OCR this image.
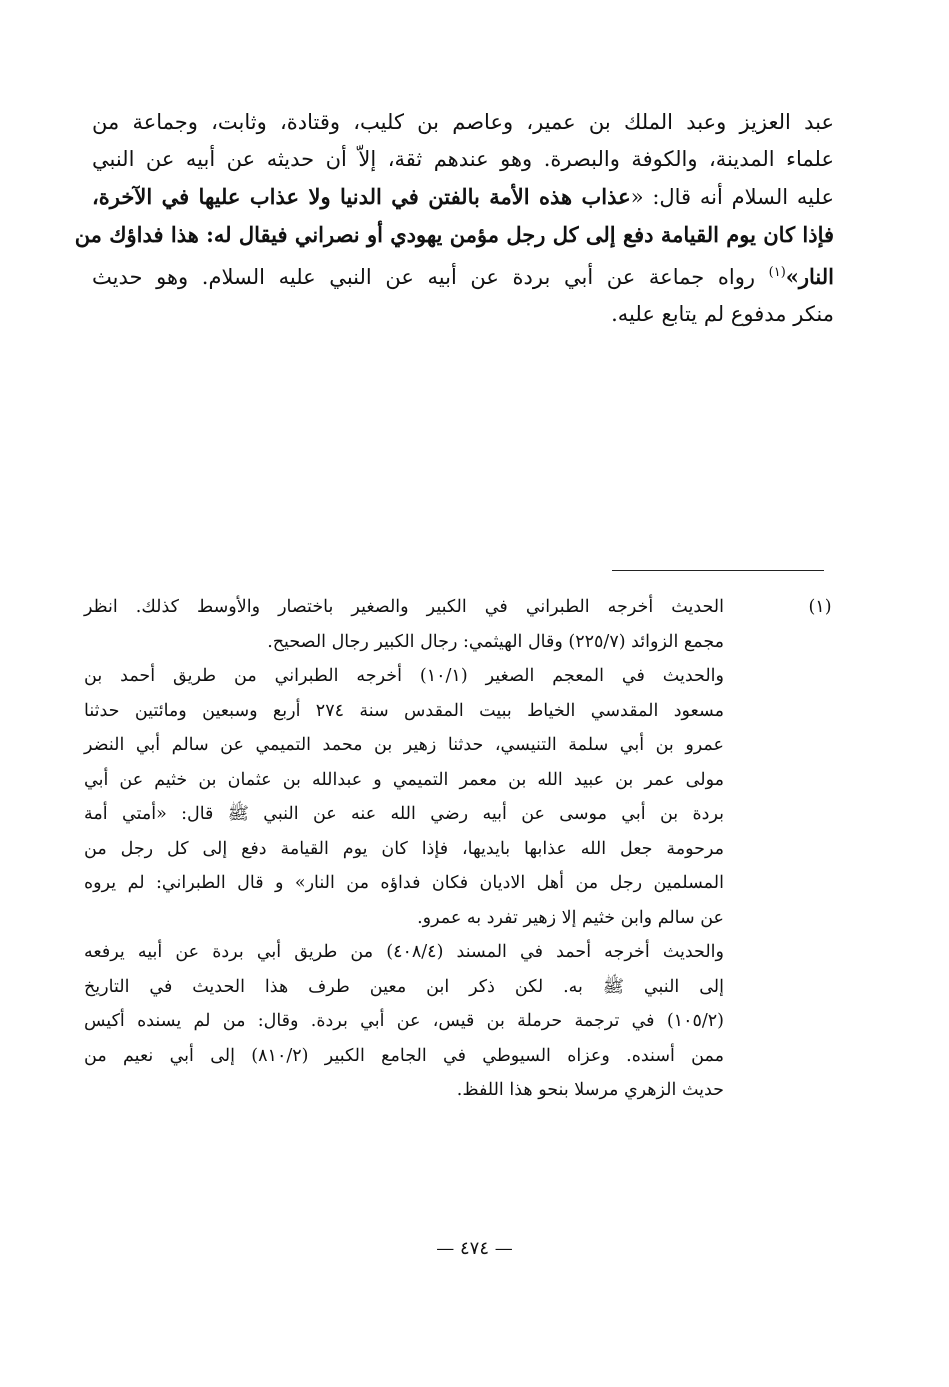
عبد العزيز وعبد الملك بن عمير، وعاصم بن كليب، وقتادة، وثابت، وجماعة من
علماء المدينة، والكوفة والبصرة. وهو عندهم ثقة، إلاّ أن حديثه عن أبيه عن النبي
عليه السلام أنه قال: «عذاب هذه الأمة بالفتن في الدنيا ولا عذاب عليها في الآخرة،
فإذا كان يوم القيامة دفع إلى كل رجل مؤمن يهودي أو نصراني فيقال له: هذا فداؤك من
النار»$^{(١)}$ رواه جماعة عن أبي بردة عن أبيه عن النبي عليه السلام. وهو حديث
منكر مدفوع لم يتابع عليه.
(١)
الحديث أخرجه الطبراني في الكبير والصغير باختصار والأوسط كذلك. انظر
مجمع الزوائد (٢٢٥/٧) وقال الهيثمي: رجال الكبير رجال الصحيح.
والحديث في المعجم الصغير (١٠/١) أخرجه الطبراني من طريق أحمد بن
مسعود المقدسي الخياط ببيت المقدس سنة ٢٧٤ أربع وسبعين ومائتين حدثنا
عمرو بن أبي سلمة التنيسي، حدثنا زهير بن محمد التميمي عن سالم أبي النضر
مولى عمر بن عبيد الله بن معمر التميمي و عبدالله بن عثمان بن خثيم عن أبي
بردة بن أبي موسى عن أبيه رضي الله عنه عن النبي ﷺ قال: «أمتي أمة
مرحومة جعل الله عذابها بايديها، فإذا كان يوم القيامة دفع إلى كل رجل من
المسلمين رجل من أهل الاديان فكان فداؤه من النار» و قال الطبراني: لم يروه
عن سالم وابن خثيم إلا زهير تفرد به عمرو.
والحديث أخرجه أحمد في المسند (٤٠٨/٤) من طريق أبي بردة عن أبيه يرفعه
إلى النبي ﷺ به. لكن ذكر ابن معين طرف هذا الحديث في التاريخ
(١٠٥/٢) في ترجمة حرملة بن قيس، عن أبي بردة. وقال: من لم يسنده أكيس
ممن أسنده. وعزاه السيوطي في الجامع الكبير (٨١٠/٢) إلى أبي نعيم من
حديث الزهري مرسلا بنحو هذا اللفظ.
— ٤٧٤ —
